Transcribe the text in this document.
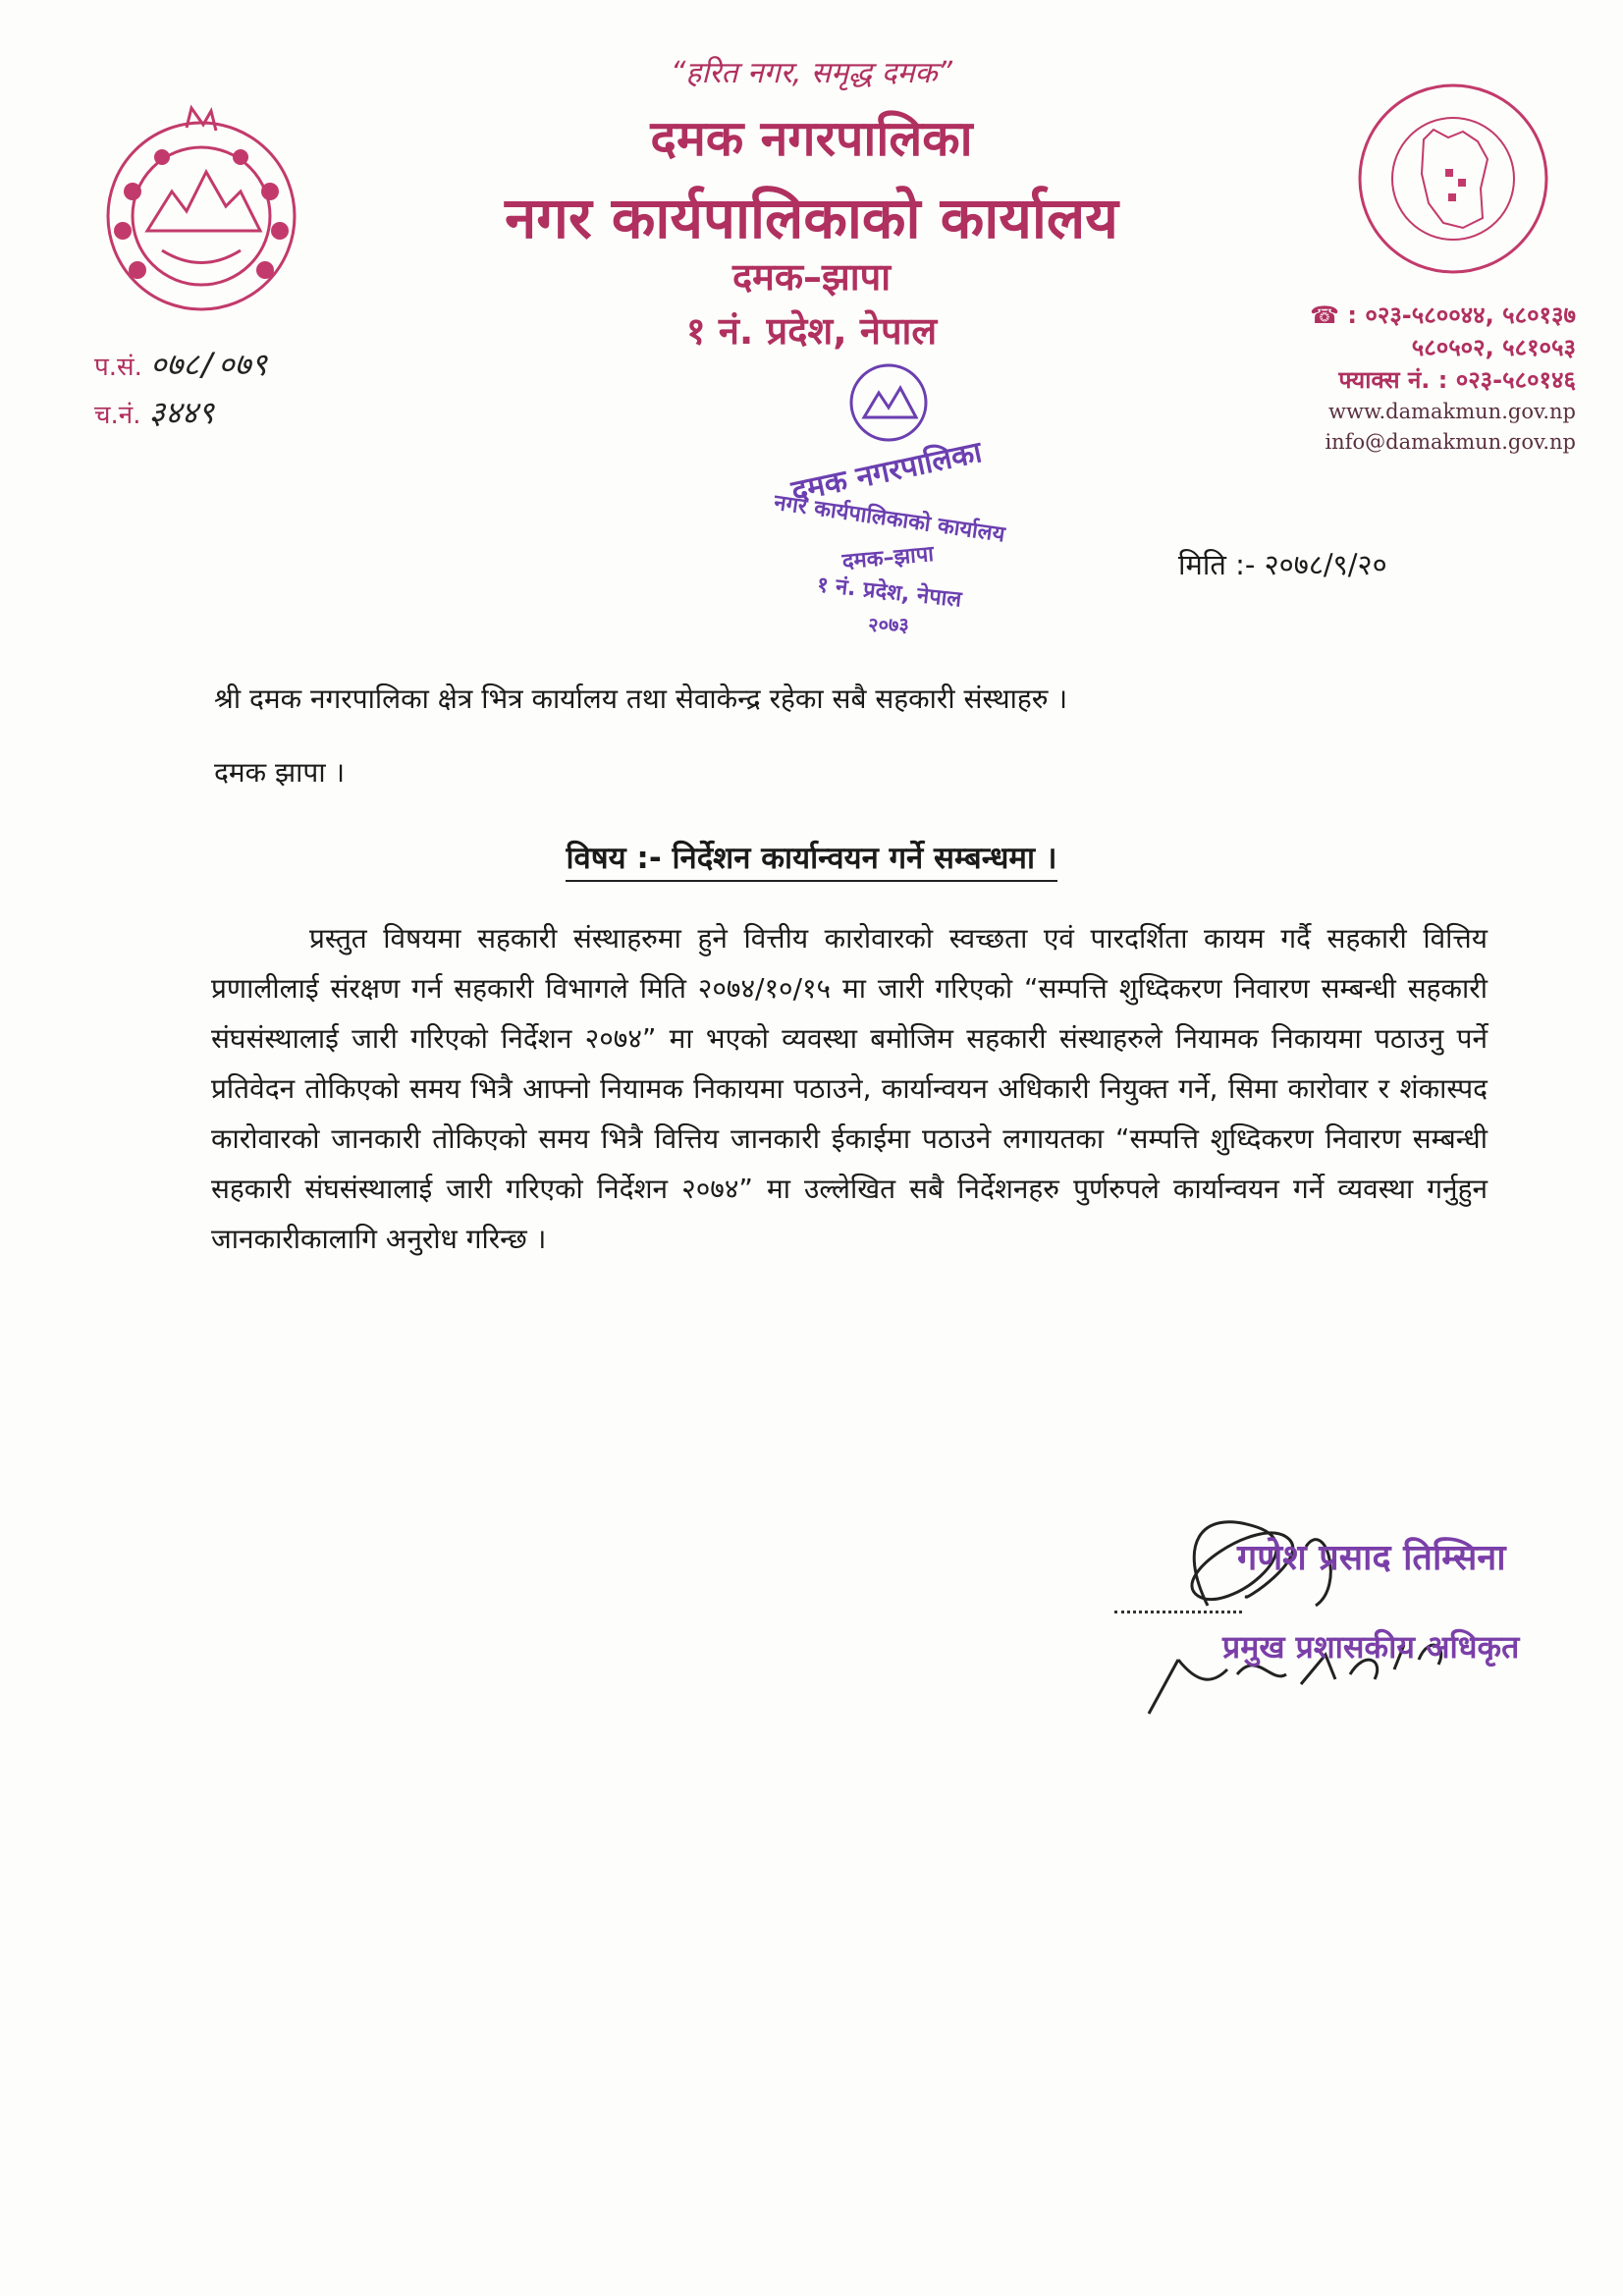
“हरित नगर, समृद्ध दमक”
दमक नगरपालिका
नगर कार्यपालिकाको कार्यालय
दमक–झापा
१ नं. प्रदेश, नेपाल
प.सं. ०७८/०७९
च.नं. ३४४९
☎ : ०२३-५८००४४, ५८०१३७
५८०५०२, ५८१०५३
फ्याक्स नं. : ०२३-५८०१४६
www.damakmun.gov.np
info@damakmun.gov.np
दमक नगरपालिका
नगर कार्यपालिकाको कार्यालय
दमक–झापा
१ नं. प्रदेश, नेपाल
२०७३
मिति :- २०७८/९/२०
श्री दमक नगरपालिका क्षेत्र भित्र कार्यालय तथा सेवाकेन्द्र रहेका सबै सहकारी संस्थाहरु ।
दमक झापा ।
विषय :- निर्देशन कार्यान्वयन गर्ने सम्बन्धमा ।
प्रस्तुत विषयमा सहकारी संस्थाहरुमा हुने वित्तीय कारोवारको स्वच्छता एवं पारदर्शिता कायम गर्दै सहकारी वित्तिय प्रणालीलाई संरक्षण गर्न सहकारी विभागले मिति २०७४/१०/१५ मा जारी गरिएको “सम्पत्ति शुध्दिकरण निवारण सम्बन्धी सहकारी संघसंस्थालाई जारी गरिएको निर्देशन २०७४” मा भएको व्यवस्था बमोजिम सहकारी संस्थाहरुले नियामक निकायमा पठाउनु पर्ने प्रतिवेदन तोकिएको समय भित्रै आफ्नो नियामक निकायमा पठाउने, कार्यान्वयन अधिकारी नियुक्त गर्ने, सिमा कारोवार र शंकास्पद कारोवारको जानकारी तोकिएको समय भित्रै वित्तिय जानकारी ईकाईमा पठाउने लगायतका “सम्पत्ति शुध्दिकरण निवारण सम्बन्धी सहकारी संघसंस्थालाई जारी गरिएको निर्देशन २०७४” मा उल्लेखित सबै निर्देशनहरु पुर्णरुपले कार्यान्वयन गर्ने व्यवस्था गर्नुहुन जानकारीकालागि अनुरोध गरिन्छ ।
गणेश प्रसाद तिम्सिना
प्रमुख प्रशासकीय अधिकृत
